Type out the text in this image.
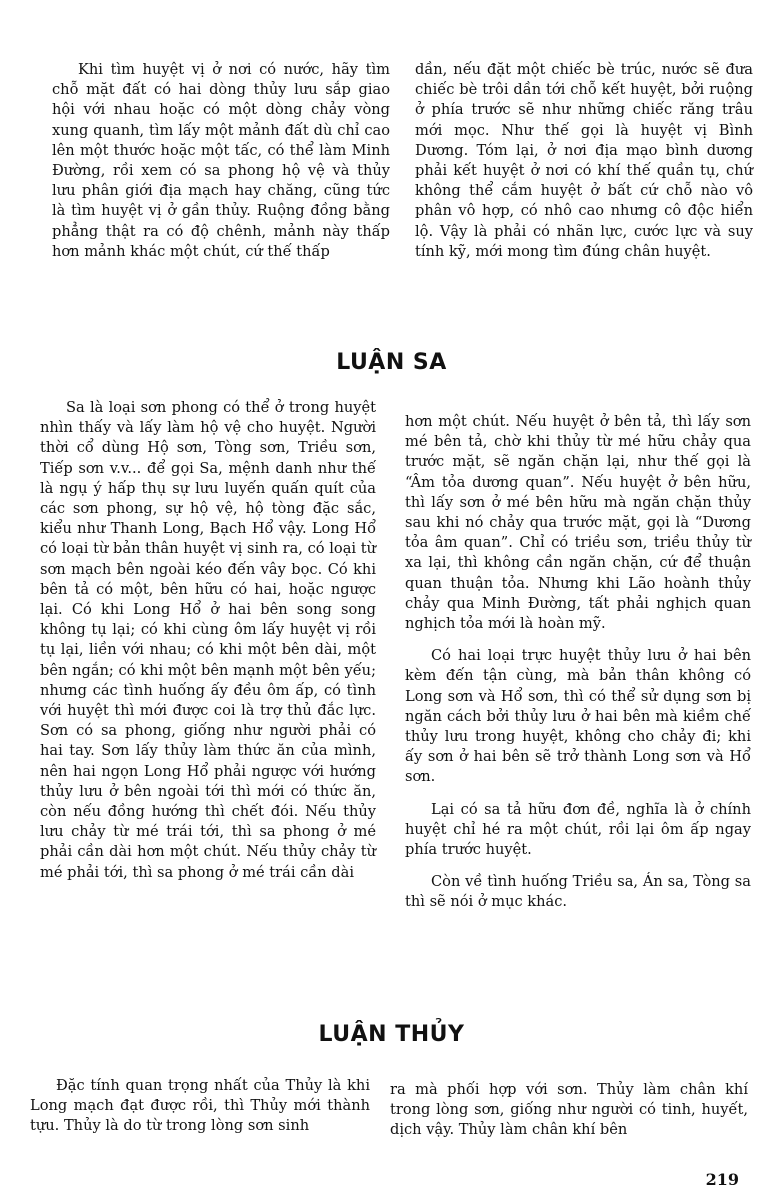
Khi tìm huyệt vị ở nơi có nước, hãy tìm chỗ mặt đất có hai dòng thủy lưu sắp giao hội với nhau hoặc có một dòng chảy vòng xung quanh, tìm lấy một mảnh đất dù chỉ cao lên một thước hoặc một tấc, có thể làm Minh Đường, rồi xem có sa phong hộ vệ và thủy lưu phân giới địa mạch hay chăng, cũng tức là tìm huyệt vị ở gần thủy. Ruộng đồng bằng phẳng thật ra có độ chênh, mảnh này thấp hơn mảnh khác một chút, cứ thế thấp

dần, nếu đặt một chiếc bè trúc, nước sẽ đưa chiếc bè trôi dần tới chỗ kết huyệt, bởi ruộng ở phía trước sẽ như những chiếc răng trâu mới mọc. Như thế gọi là huyệt vị Bình Dương. Tóm lại, ở nơi địa mạo bình dương phải kết huyệt ở nơi có khí thế quần tụ, chứ không thể cắm huyệt ở bất cứ chỗ nào vô phân vô hợp, có nhô cao nhưng cô độc hiển lộ. Vậy là phải có nhãn lực, cước lực và suy tính kỹ, mới mong tìm đúng chân huyệt.

LUẬN SA

Sa là loại sơn phong có thể ở trong huyệt nhìn thấy và lấy làm hộ vệ cho huyệt. Người thời cổ dùng Hộ sơn, Tòng sơn, Triều sơn, Tiếp sơn v.v... để gọi Sa, mệnh danh như thế là ngụ ý hấp thụ sự lưu luyến quấn quít của các sơn phong, sự hộ vệ, hộ tòng đặc sắc, kiểu như Thanh Long, Bạch Hổ vậy. Long Hổ có loại từ bản thân huyệt vị sinh ra, có loại từ sơn mạch bên ngoài kéo đến vây bọc. Có khi bên tả có một, bên hữu có hai, hoặc ngược lại. Có khi Long Hổ ở hai bên song song không tụ lại; có khi cùng ôm lấy huyệt vị rồi tụ lại, liền với nhau; có khi một bên dài, một bên ngắn; có khi một bên mạnh một bên yếu; nhưng các tình huống ấy đều ôm ấp, có tình với huyệt thì mới được coi là trợ thủ đắc lực. Sơn có sa phong, giống như người phải có hai tay. Sơn lấy thủy làm thức ăn của mình, nên hai ngọn Long Hổ phải ngược với hướng thủy lưu ở bên ngoài tới thì mới có thức ăn, còn nếu đồng hướng thì chết đói. Nếu thủy lưu chảy từ mé trái tới, thì sa phong ở mé phải cần dài hơn một chút. Nếu thủy chảy từ mé phải tới, thì sa phong ở mé trái cần dài

hơn một chút. Nếu huyệt ở bên tả, thì lấy sơn mé bên tả, chờ khi thủy từ mé hữu chảy qua trước mặt, sẽ ngăn chặn lại, như thế gọi là “Âm tỏa dương quan”. Nếu huyệt ở bên hữu, thì lấy sơn ở mé bên hữu mà ngăn chặn thủy sau khi nó chảy qua trước mặt, gọi là “Dương tỏa âm quan”. Chỉ có triều sơn, triều thủy từ xa lại, thì không cần ngăn chặn, cứ để thuận quan thuận tỏa. Nhưng khi Lão hoành thủy chảy qua Minh Đường, tất phải nghịch quan nghịch tỏa mới là hoàn mỹ.

Có hai loại trực huyệt thủy lưu ở hai bên kèm đến tận cùng, mà bản thân không có Long sơn và Hổ sơn, thì có thể sử dụng sơn bị ngăn cách bởi thủy lưu ở hai bên mà kiềm chế thủy lưu trong huyệt, không cho chảy đi; khi ấy sơn ở hai bên sẽ trở thành Long sơn và Hổ sơn.

Lại có sa tả hữu đơn đề, nghĩa là ở chính huyệt chỉ hé ra một chút, rồi lại ôm ấp ngay phía trước huyệt.

Còn về tình huống Triều sa, Án sa, Tòng sa thì sẽ nói ở mục khác.

LUẬN THỦY

Đặc tính quan trọng nhất của Thủy là khi Long mạch đạt được rồi, thì Thủy mới thành tựu. Thủy là do từ trong lòng sơn sinh

ra mà phối hợp với sơn. Thủy làm chân khí trong lòng sơn, giống như người có tinh, huyết, dịch vậy. Thủy làm chân khí bên

219
